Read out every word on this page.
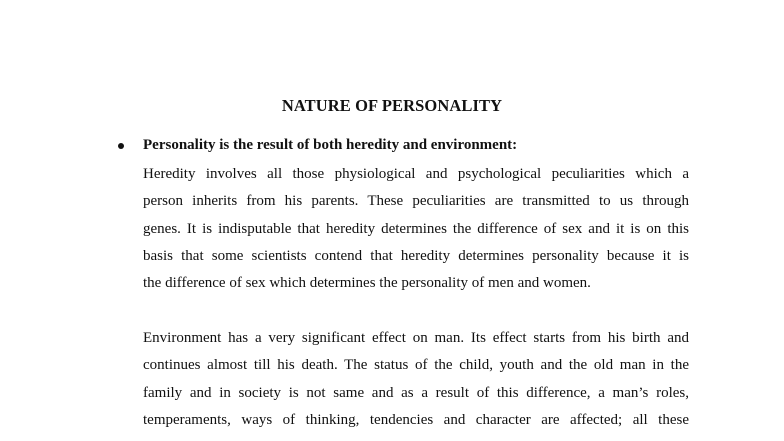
NATURE OF PERSONALITY
Personality is the result of both heredity and environment:
Heredity involves all those physiological and psychological peculiarities which a
person inherits from his parents. These peculiarities are transmitted to us through
genes. It is indisputable that heredity determines the difference of sex and it is on this
basis that some scientists contend that heredity determines personality because it is
the difference of sex which determines the personality of men and women.
Environment has a very significant effect on man. Its effect starts from his birth and
continues almost till his death. The status of the child, youth and the old man in the
family and in society is not same and as a result of this difference, a man’s roles,
temperaments, ways of thinking, tendencies and character are affected; all these
